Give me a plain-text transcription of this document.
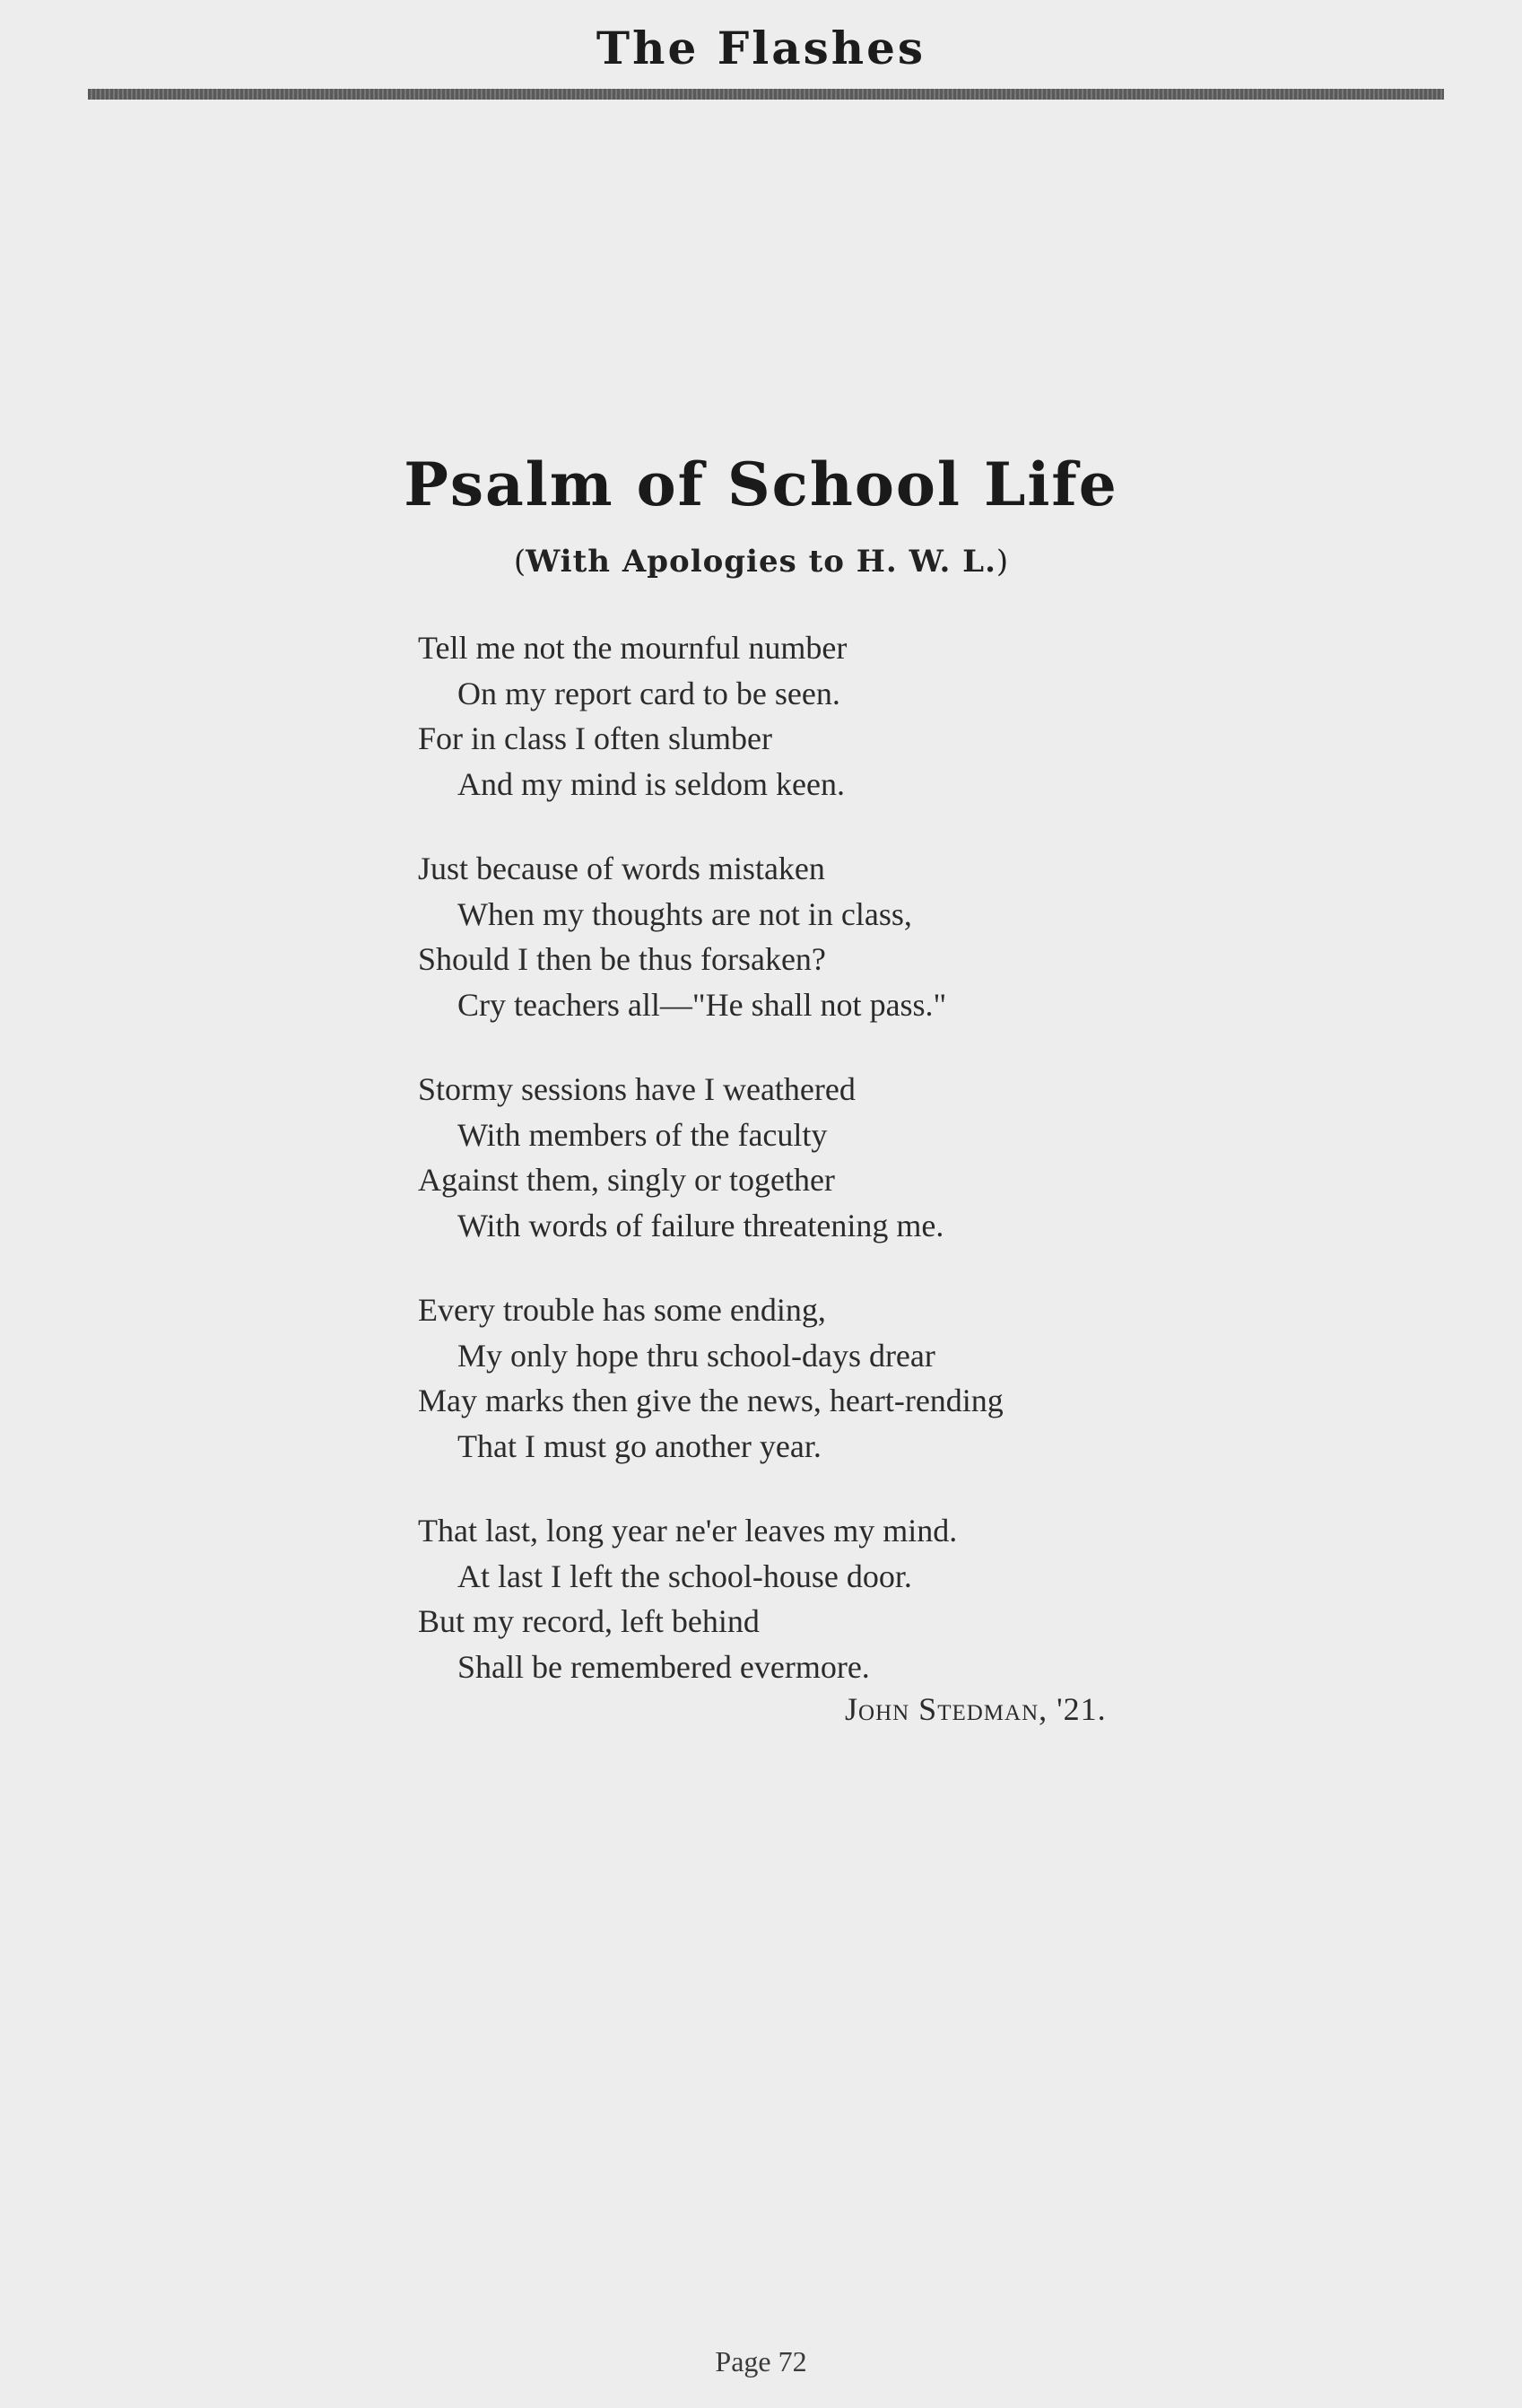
The Flashes
Psalm of School Life
(With Apologies to H. W. L.)
Tell me not the mournful number
On my report card to be seen.
For in class I often slumber
And my mind is seldom keen.
Just because of words mistaken
When my thoughts are not in class,
Should I then be thus forsaken?
Cry teachers all—"He shall not pass."
Stormy sessions have I weathered
With members of the faculty
Against them, singly or together
With words of failure threatening me.
Every trouble has some ending,
My only hope thru school-days drear
May marks then give the news, heart-rending
That I must go another year.
That last, long year ne'er leaves my mind.
At last I left the school-house door.
But my record, left behind
Shall be remembered evermore.
John Stedman, '21.
Page 72
